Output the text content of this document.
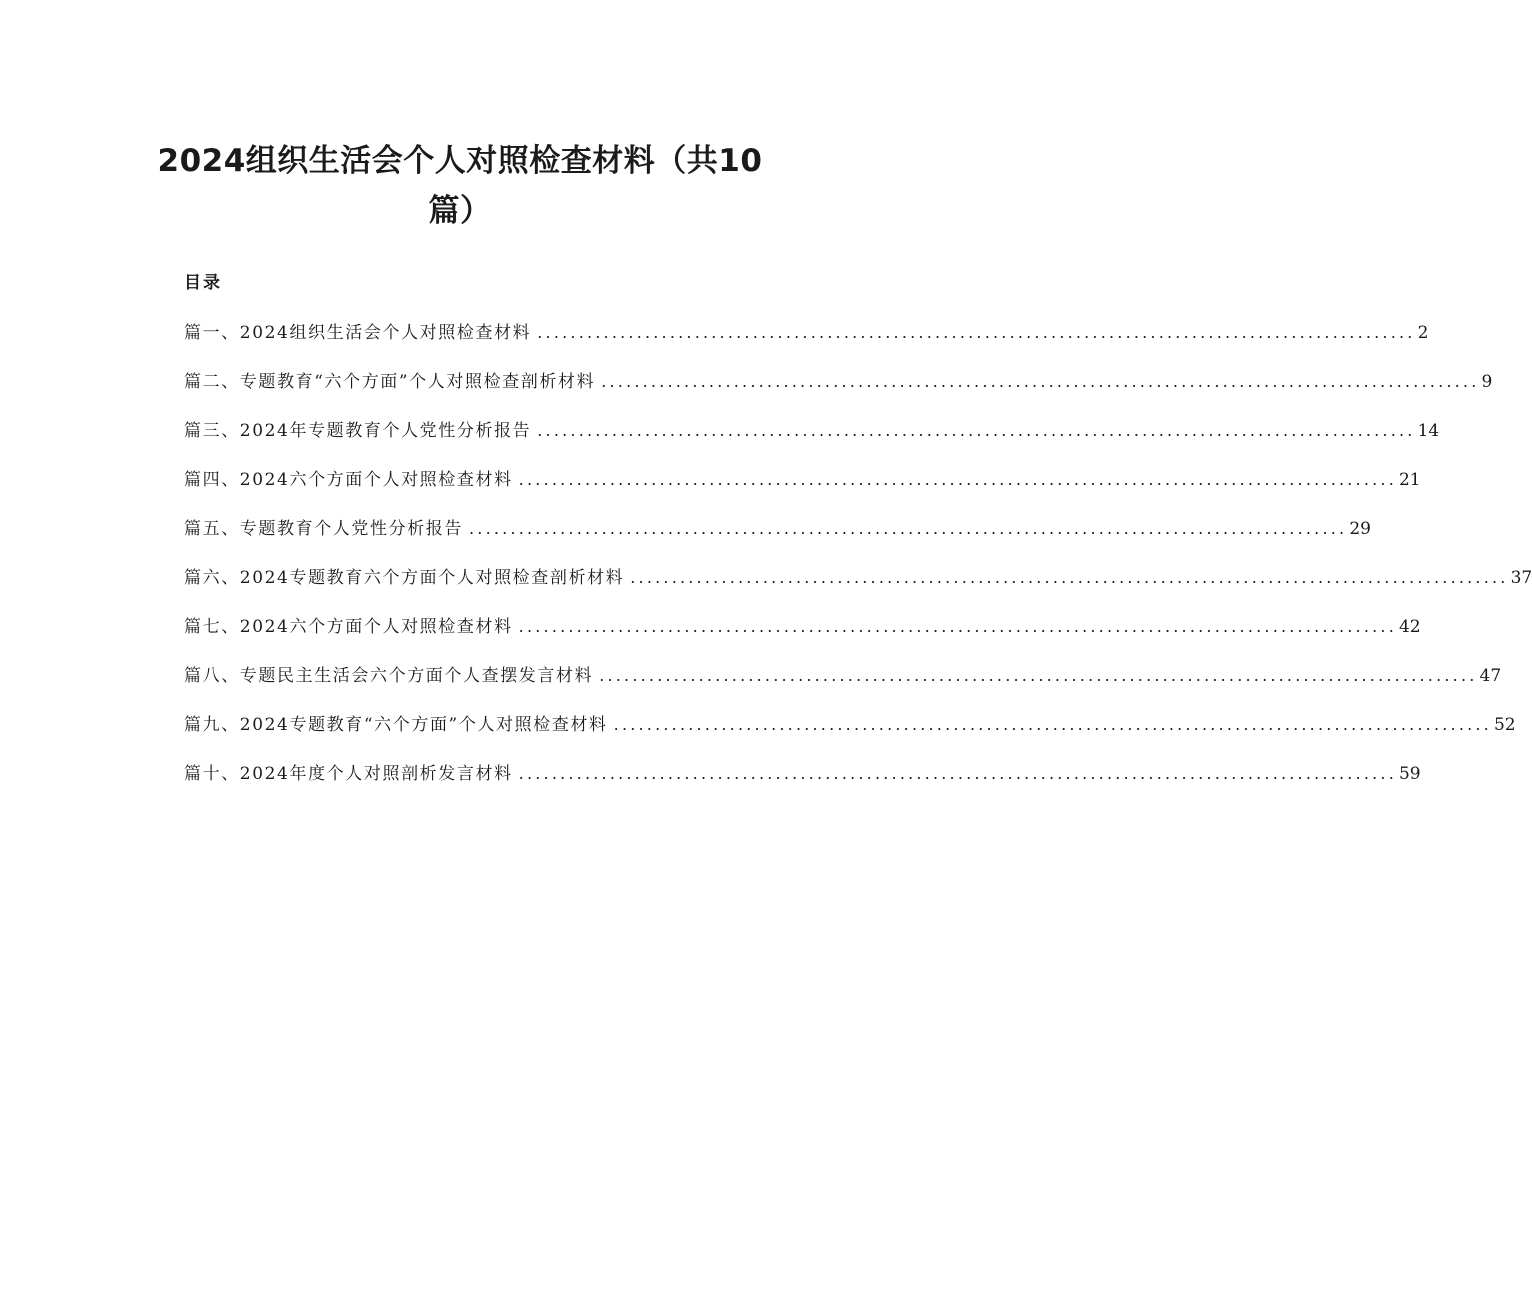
2024组织生活会个人对照检查材料（共10
篇）
目录
篇一、2024组织生活会个人对照检查材料 .......................................................................................................... 2
篇二、专题教育“六个方面”个人对照检查剖析材料 .......................................................................................................... 9
篇三、2024年专题教育个人党性分析报告 .......................................................................................................... 14
篇四、2024六个方面个人对照检查材料 .......................................................................................................... 21
篇五、专题教育个人党性分析报告 .......................................................................................................... 29
篇六、2024专题教育六个方面个人对照检查剖析材料 .......................................................................................................... 37
篇七、2024六个方面个人对照检查材料 .......................................................................................................... 42
篇八、专题民主生活会六个方面个人查摆发言材料 .......................................................................................................... 47
篇九、2024专题教育“六个方面”个人对照检查材料 .......................................................................................................... 52
篇十、2024年度个人对照剖析发言材料 .......................................................................................................... 59
